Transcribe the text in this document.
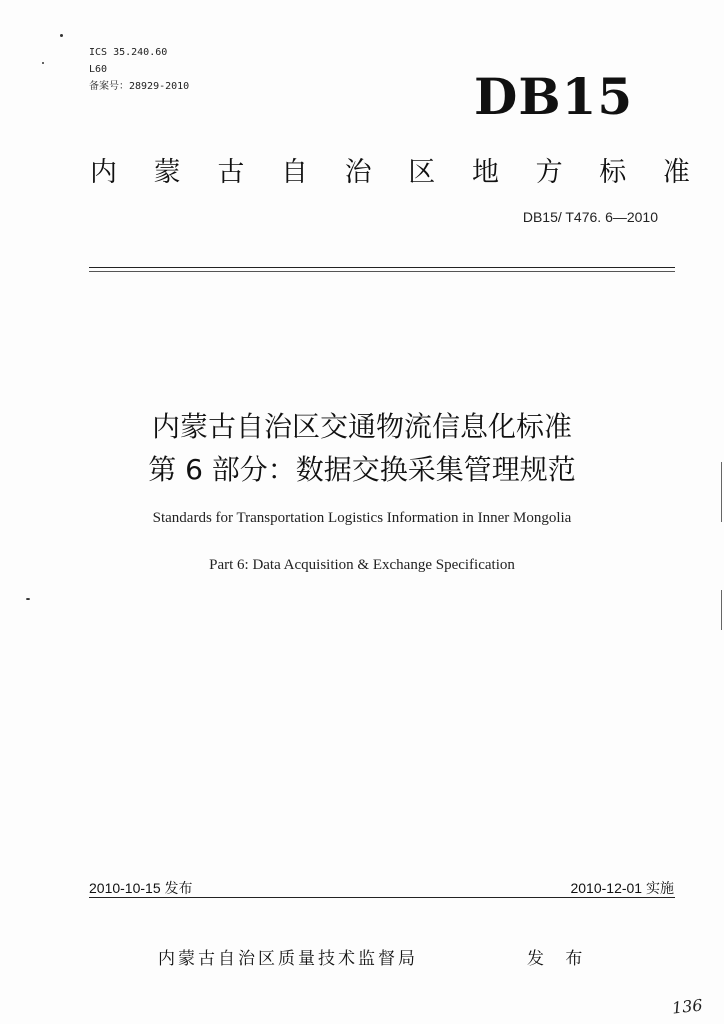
ICS 35.240.60
L60
备案号：28929-2010	DB15
内 蒙 古 自 治 区 地 方 标 准
DB15/ T476. 6—2010
内蒙古自治区交通物流信息化标准
第 6 部分：数据交换采集管理规范
Standards for Transportation Logistics Information in Inner Mongolia
Part 6: Data Acquisition & Exchange Specification
2010-10-15 发布	2010-12-01 实施
内蒙古自治区质量技术监督局	发 布
136
